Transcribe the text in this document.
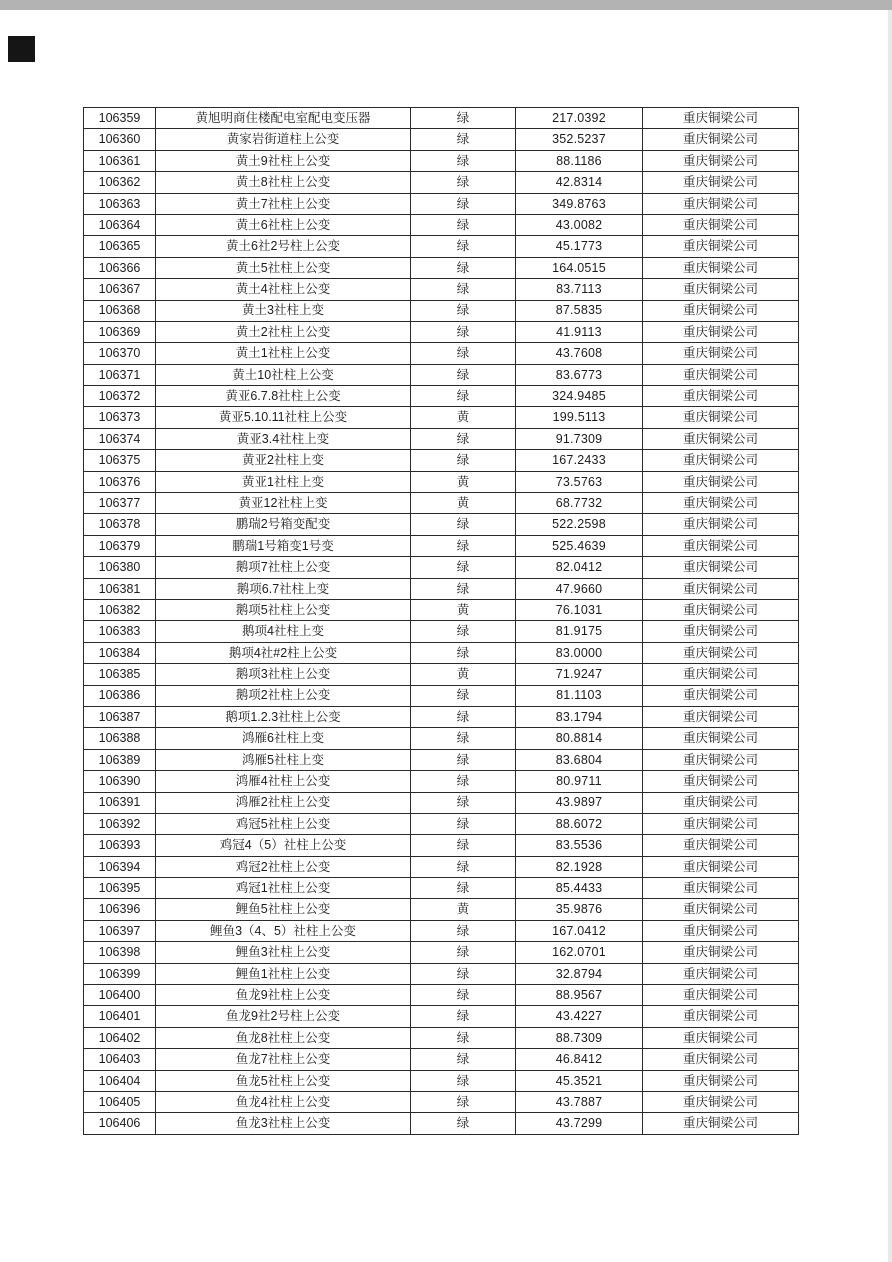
106359	黄旭明商住楼配电室配电变压器	绿	217.0392	重庆铜梁公司
106360	黄家岩街道柱上公变	绿	352.5237	重庆铜梁公司
106361	黄土9社柱上公变	绿	88.1186	重庆铜梁公司
106362	黄土8社柱上公变	绿	42.8314	重庆铜梁公司
106363	黄土7社柱上公变	绿	349.8763	重庆铜梁公司
106364	黄土6社柱上公变	绿	43.0082	重庆铜梁公司
106365	黄土6社2号柱上公变	绿	45.1773	重庆铜梁公司
106366	黄土5社柱上公变	绿	164.0515	重庆铜梁公司
106367	黄土4社柱上公变	绿	83.7113	重庆铜梁公司
106368	黄土3社柱上变	绿	87.5835	重庆铜梁公司
106369	黄土2社柱上公变	绿	41.9113	重庆铜梁公司
106370	黄土1社柱上公变	绿	43.7608	重庆铜梁公司
106371	黄土10社柱上公变	绿	83.6773	重庆铜梁公司
106372	黄亚6.7.8社柱上公变	绿	324.9485	重庆铜梁公司
106373	黄亚5.10.11社柱上公变	黄	199.5113	重庆铜梁公司
106374	黄亚3.4社柱上变	绿	91.7309	重庆铜梁公司
106375	黄亚2社柱上变	绿	167.2433	重庆铜梁公司
106376	黄亚1社柱上变	黄	73.5763	重庆铜梁公司
106377	黄亚12社柱上变	黄	68.7732	重庆铜梁公司
106378	鹏瑞2号箱变配变	绿	522.2598	重庆铜梁公司
106379	鹏瑞1号箱变1号变	绿	525.4639	重庆铜梁公司
106380	鹅项7社柱上公变	绿	82.0412	重庆铜梁公司
106381	鹅项6.7社柱上变	绿	47.9660	重庆铜梁公司
106382	鹅项5社柱上公变	黄	76.1031	重庆铜梁公司
106383	鹅项4社柱上变	绿	81.9175	重庆铜梁公司
106384	鹅项4社#2柱上公变	绿	83.0000	重庆铜梁公司
106385	鹅项3社柱上公变	黄	71.9247	重庆铜梁公司
106386	鹅项2社柱上公变	绿	81.1103	重庆铜梁公司
106387	鹅项1.2.3社柱上公变	绿	83.1794	重庆铜梁公司
106388	鸿雁6社柱上变	绿	80.8814	重庆铜梁公司
106389	鸿雁5社柱上变	绿	83.6804	重庆铜梁公司
106390	鸿雁4社柱上公变	绿	80.9711	重庆铜梁公司
106391	鸿雁2社柱上公变	绿	43.9897	重庆铜梁公司
106392	鸡冠5社柱上公变	绿	88.6072	重庆铜梁公司
106393	鸡冠4（5）社柱上公变	绿	83.5536	重庆铜梁公司
106394	鸡冠2社柱上公变	绿	82.1928	重庆铜梁公司
106395	鸡冠1社柱上公变	绿	85.4433	重庆铜梁公司
106396	鲤鱼5社柱上公变	黄	35.9876	重庆铜梁公司
106397	鲤鱼3（4、5）社柱上公变	绿	167.0412	重庆铜梁公司
106398	鲤鱼3社柱上公变	绿	162.0701	重庆铜梁公司
106399	鲤鱼1社柱上公变	绿	32.8794	重庆铜梁公司
106400	鱼龙9社柱上公变	绿	88.9567	重庆铜梁公司
106401	鱼龙9社2号柱上公变	绿	43.4227	重庆铜梁公司
106402	鱼龙8社柱上公变	绿	88.7309	重庆铜梁公司
106403	鱼龙7社柱上公变	绿	46.8412	重庆铜梁公司
106404	鱼龙5社柱上公变	绿	45.3521	重庆铜梁公司
106405	鱼龙4社柱上公变	绿	43.7887	重庆铜梁公司
106406	鱼龙3社柱上公变	绿	43.7299	重庆铜梁公司
